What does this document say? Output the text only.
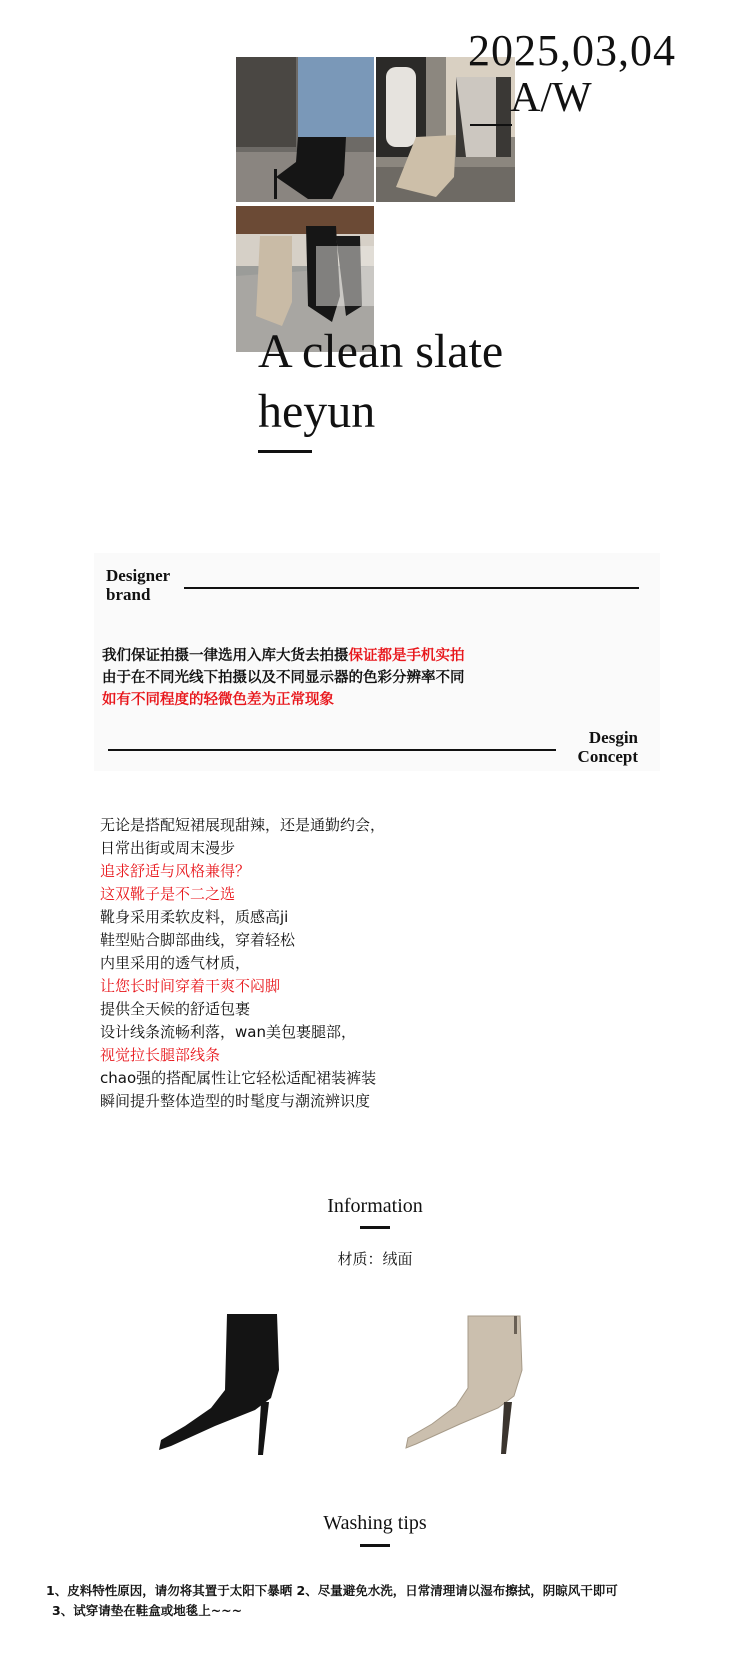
2025,03,04
A/W
A clean slate
heyun
Designer
brand
我们保证拍摄一律选用入库大货去拍摄保证都是手机实拍
由于在不同光线下拍摄以及不同显示器的色彩分辨率不同
如有不同程度的轻微色差为正常现象
Desgin
Concept
无论是搭配短裙展现甜辣，还是通勤约会，
日常出街或周末漫步
追求舒适与风格兼得？
这双靴子是不二之选
靴身采用柔软皮料，质感高ji
鞋型贴合脚部曲线，穿着轻松
内里采用的透气材质，
让您长时间穿着干爽不闷脚
提供全天候的舒适包裹
设计线条流畅利落，wan美包裹腿部，
视觉拉长腿部线条
chao强的搭配属性让它轻松适配裙装裤装
瞬间提升整体造型的时髦度与潮流辨识度
Information
材质：绒面
Washing tips
1、皮料特性原因，请勿将其置于太阳下暴晒 2、尽量避免水洗，日常清理请以湿布擦拭，阴晾风干即可
3、试穿请垫在鞋盒或地毯上~~~
